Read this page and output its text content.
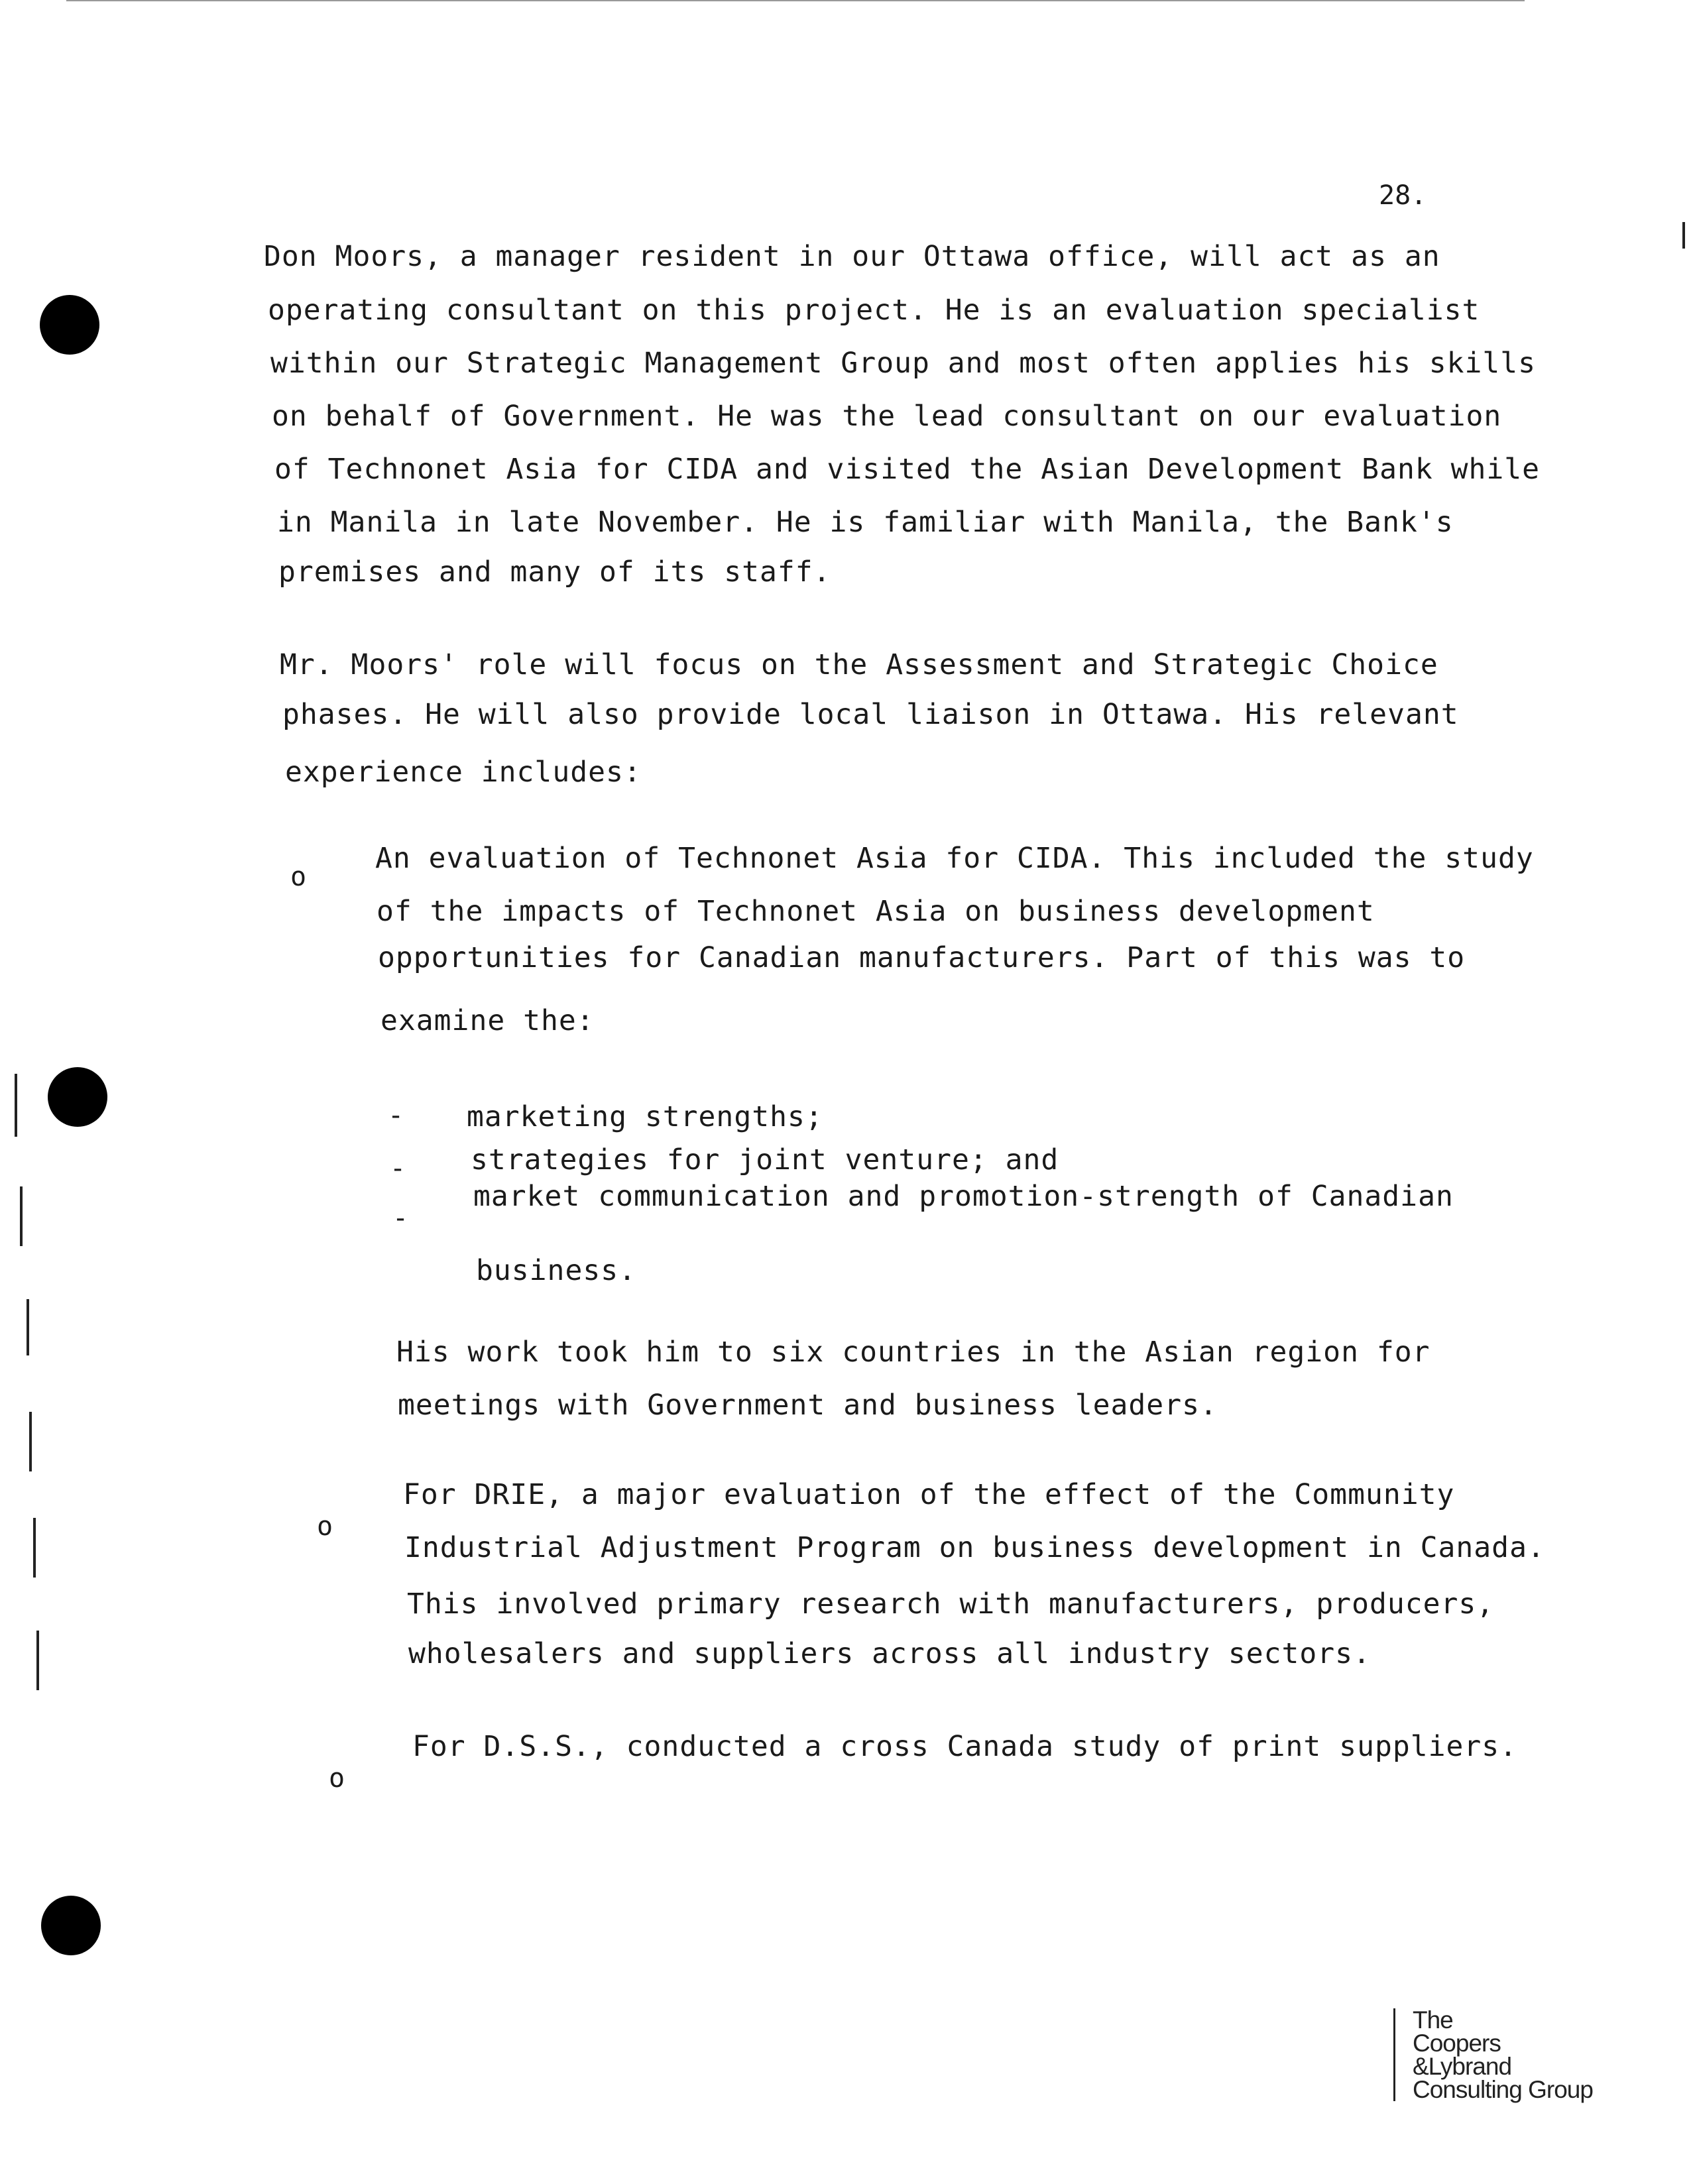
28.
Don Moors, a manager resident in our Ottawa office, will act as an
operating consultant on this project. He is an evaluation specialist
within our Strategic Management Group and most often applies his skills
on behalf of Government. He was the lead consultant on our evaluation
of Technonet Asia for CIDA and visited the Asian Development Bank while
in Manila in late November. He is familiar with Manila, the Bank's
premises and many of its staff.
Mr. Moors' role will focus on the Assessment and Strategic Choice
phases. He will also provide local liaison in Ottawa. His relevant
experience includes:
o
An evaluation of Technonet Asia for CIDA. This included the study
of the impacts of Technonet Asia on business development
opportunities for Canadian manufacturers. Part of this was to
examine the:
- marketing strengths;
- strategies for joint venture; and
-
market communication and promotion-strength of Canadian
business.
His work took him to six countries in the Asian region for
meetings with Government and business leaders.
o
For DRIE, a major evaluation of the effect of the Community
Industrial Adjustment Program on business development in Canada.
This involved primary research with manufacturers, producers,
wholesalers and suppliers across all industry sectors.
o
For D.S.S., conducted a cross Canada study of print suppliers.
The
Coopers
&Lybrand
Consulting Group
